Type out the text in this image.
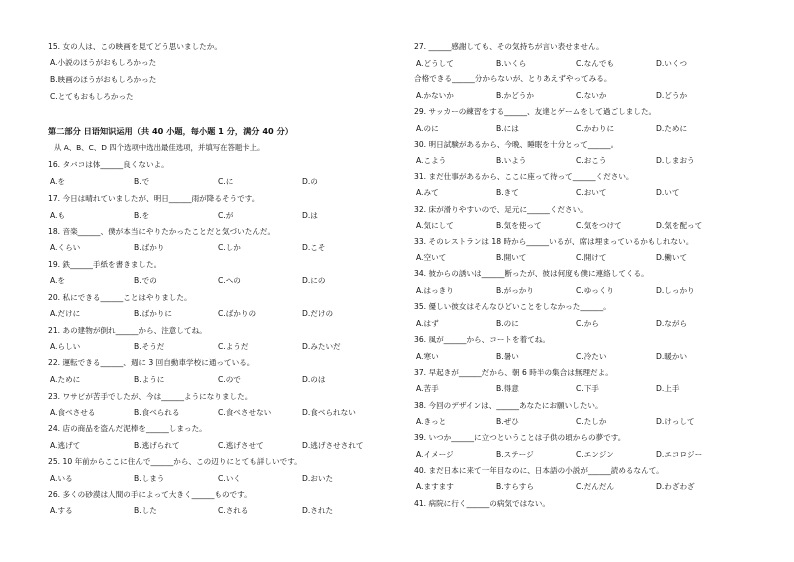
15. 女の人は、この映画を見てどう思いましたか。
A.小説のほうがおもしろかった
B.映画のほうがおもしろかった
C.とてもおもしろかった
第二部分 日语知识运用（共 40 小题，每小题 1 分，满分 40 分）
从 A、B、C、D 四个选项中选出最佳选项，并填写在答题卡上。
16. タバコは体______良くないよ。
A.を	B.で	C.に	D.の
17. 今日は晴れていましたが、明日______雨が降るそうです。
A.も	B.を	C.が	D.は
18. 音楽______、僕が本当にやりたかったことだと気づいたんだ。
A.くらい	B.ばかり	C.しか	D.こそ
19. 鉄______手紙を書きました。
A.を	B.での	C.への	D.にの
20. 私にできる______ことはやりました。
A.だけに	B.ばかりに	C.ばかりの	D.だけの
21. あの建物が倒れ______から、注意してね。
A.らしい	B.そうだ	C.ようだ	D.みたいだ
22. 運転できる______、週に 3 回自動車学校に通っている。
A.ために	B.ように	C.ので	D.のは
23. ワサビが苦手でしたが、今は______ようになりました。
A.食べさせる	B.食べられる	C.食べさせない	D.食べられない
24. 店の商品を盗んだ泥棒を______しまった。
A.逃げて	B.逃げられて	C.逃げさせて	D.逃げさせされて
25. 10 年前からここに住んで______から、この辺りにとても詳しいです。
A.いる	B.しまう	C.いく	D.おいた
26. 多くの砂漠は人間の手によって大きく______ものです。
A.する	B.した	C.される	D.された
27. ______感謝しても、その気持ちが言い表せません。
A.どうして	B.いくら	C.なんでも	D.いくつ
合格できる______分からないが、とりあえずやってみる。
A.かないか	B.かどうか	C.ないか	D.どうか
29. サッカーの練習をする______、友達とゲームをして過ごしました。
A.のに	B.には	C.かわりに	D.ために
30. 明日試験があるから、今晩、睡眠を十分とって______。
A.こよう	B.いよう	C.おこう	D.しまおう
31. まだ仕事があるから、ここに座って待って______ください。
A.みて	B.きて	C.おいて	D.いて
32. 床が滑りやすいので、足元に______ください。
A.気にして	B.気を使って	C.気をつけて	D.気を配って
33. そのレストランは 18 時から______いるが、席は埋まっているかもしれない。
A.空いて	B.開いて	C.開けて	D.働いて
34. 彼からの誘いは______断ったが、彼は何度も僕に連絡してくる。
A.はっきり	B.がっかり	C.ゆっくり	D.しっかり
35. 優しい彼女はそんなひどいことをしなかった______。
A.はず	B.のに	C.から	D.ながら
36. 風が______から、コートを着てね。
A.寒い	B.暑い	C.冷たい	D.暖かい
37. 早起きが______だから、朝 6 時半の集合は無理だよ。
A.苦手	B.得意	C.下手	D.上手
38. 今回のデザインは、______あなたにお願いしたい。
A.きっと	B.ぜひ	C.たしか	D.けっして
39. いつか______に立つということは子供の頃からの夢です。
A.イメージ	B.ステージ	C.エンジン	D.エコロジー
40. まだ日本に来て一年目なのに、日本語の小説が______読めるなんて。
A.ますます	B.すらすら	C.だんだん	D.わざわざ
41. 病院に行く______の病気ではない。
